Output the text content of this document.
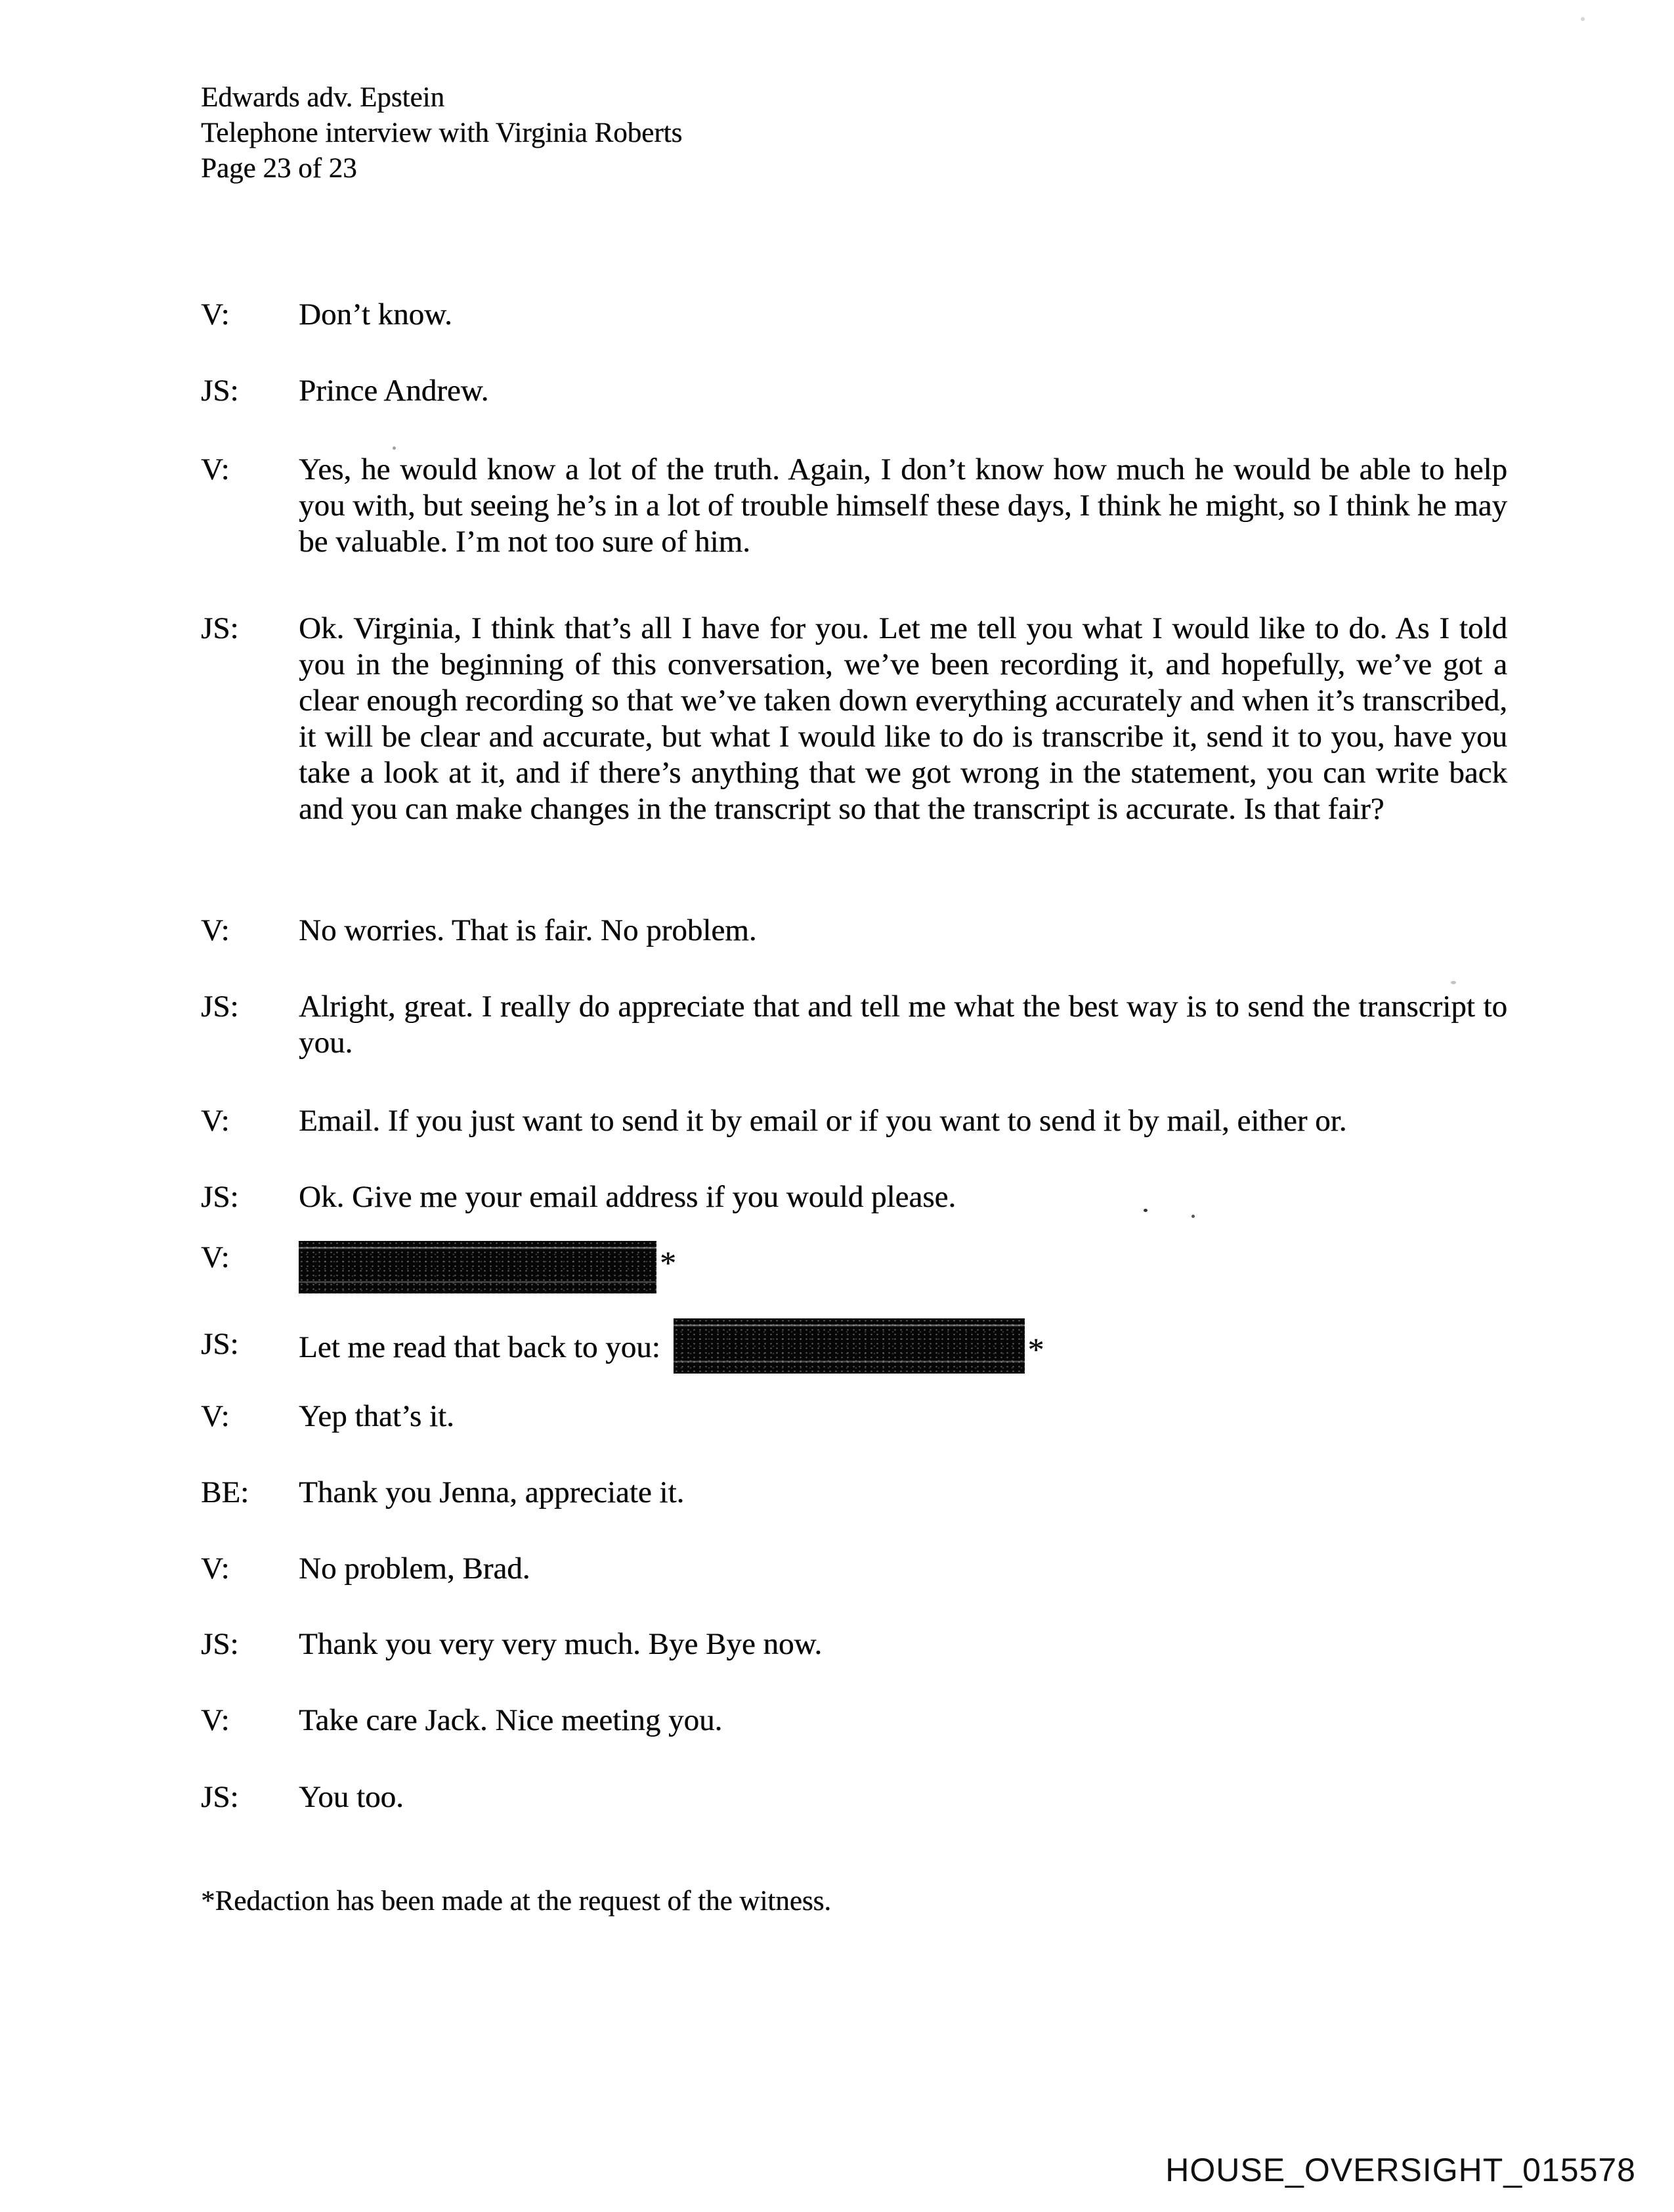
Edwards adv. Epstein
Telephone interview with Virginia Roberts
Page 23 of 23
V:	Don’t know.
JS:	Prince Andrew.
V:	Yes, he would know a lot of the truth. Again, I don’t know how much he would be able to help you with, but seeing he’s in a lot of trouble himself these days, I think he might, so I think he may be valuable. I’m not too sure of him.
JS:	Ok. Virginia, I think that’s all I have for you. Let me tell you what I would like to do. As I told you in the beginning of this conversation, we’ve been recording it, and hopefully, we’ve got a clear enough recording so that we’ve taken down everything accurately and when it’s transcribed, it will be clear and accurate, but what I would like to do is transcribe it, send it to you, have you take a look at it, and if there’s anything that we got wrong in the statement, you can write back and you can make changes in the transcript so that the transcript is accurate. Is that fair?
V:	No worries. That is fair. No problem.
JS:	Alright, great. I really do appreciate that and tell me what the best way is to send the transcript to you.
V:	Email. If you just want to send it by email or if you want to send it by mail, either or.
JS:	Ok. Give me your email address if you would please.
V:	*
JS:	Let me read that back to you:	*
V:	Yep that’s it.
BE:	Thank you Jenna, appreciate it.
V:	No problem, Brad.
JS:	Thank you very very much. Bye Bye now.
V:	Take care Jack. Nice meeting you.
JS:	You too.
*Redaction has been made at the request of the witness.
HOUSE_OVERSIGHT_015578
